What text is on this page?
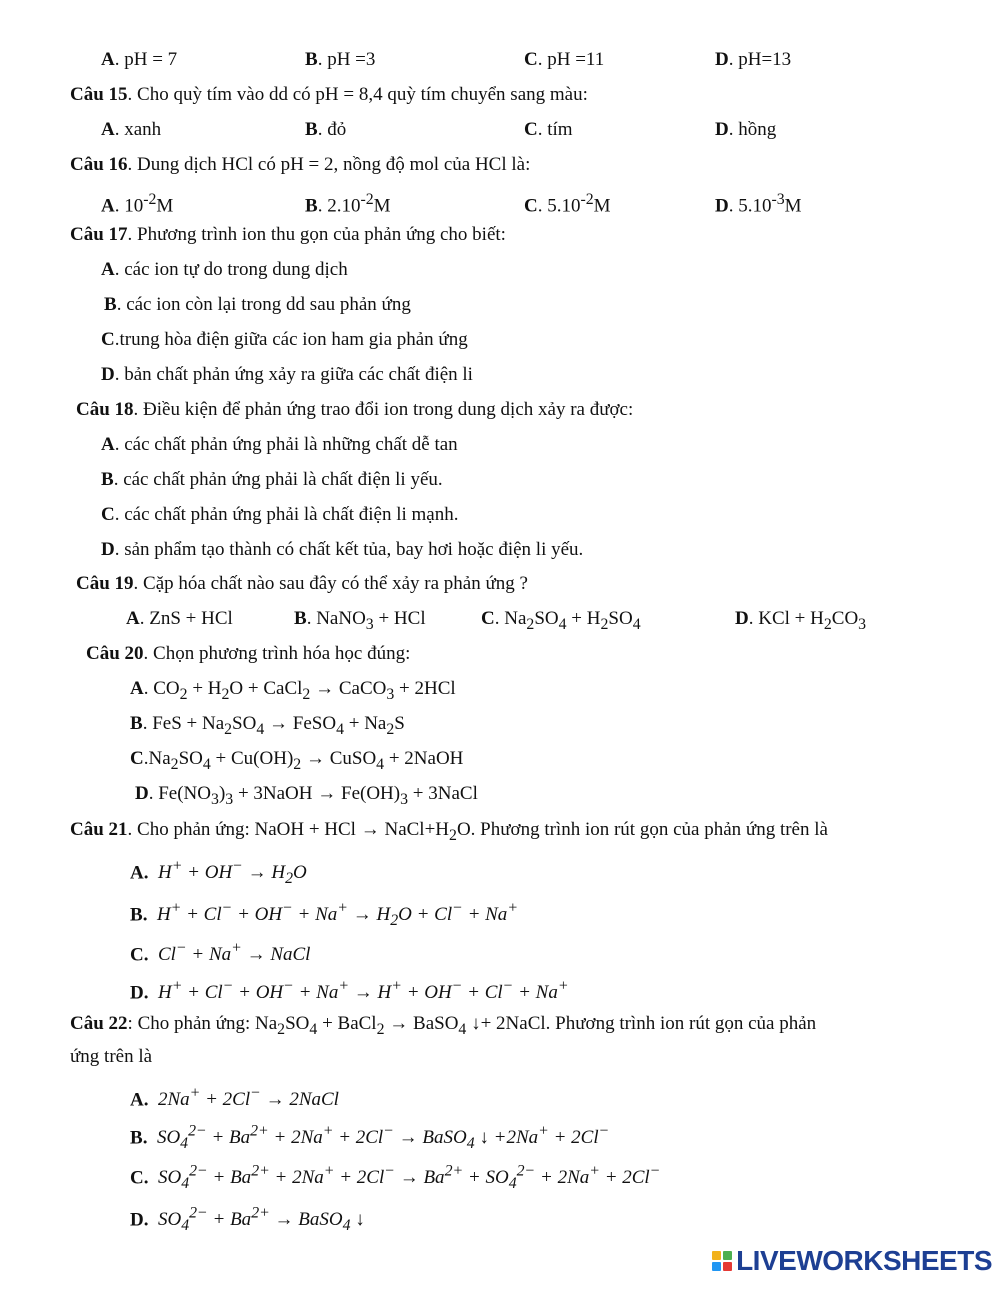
A. pH = 7	B. pH =3	C. pH =11	D. pH=13
Câu 15. Cho quỳ tím vào dd có pH = 8,4 quỳ tím chuyển sang màu:
A. xanh	B. đỏ	C. tím	D. hồng
Câu 16. Dung dịch HCl có pH = 2, nồng độ mol của HCl là:
A. $10^{-2}M$	B. $2.10^{-2}M$	C. $5.10^{-2}M$	D. $5.10^{-3}M$
Câu 17. Phương trình ion thu gọn của phản ứng cho biết:
A. các ion tự do trong dung dịch
B. các ion còn lại trong dd sau phản ứng
C.trung hòa điện giữa các ion ham gia phản ứng
D. bản chất phản ứng xảy ra giữa các chất điện li
Câu 18. Điều kiện để phản ứng trao đổi ion trong dung dịch xảy ra được:
A. các chất phản ứng phải là những chất dễ tan
B. các chất phản ứng phải là chất điện li yếu.
C. các chất phản ứng phải là chất điện li mạnh.
D. sản phẩm tạo thành có chất kết tủa, bay hơi hoặc điện li yếu.
Câu 19. Cặp hóa chất nào sau đây có thể xảy ra phản ứng ?
A. ZnS + HCl	B. NaNO$_3$ + HCl	C. $Na_2SO_4 + H_2SO_4$	D. KCl + $H_2CO_3$
Câu 20. Chọn phương trình hóa học đúng:
A. $CO_2 + H_2O$ + CaCl$_2$ → CaCO$_3$ + 2HCl
B. FeS + $Na_2SO_4$ → FeSO$_4$ + $Na_2S$
$C.Na_2SO_4 + Cu(OH)_2$ → CuSO$_4$ + 2NaOH
D. $Fe(NO_3)_3$ + 3NaOH → $Fe(OH)_3$ + 3NaCl
Câu 21. Cho phản ứng: NaOH + HCl → $NaCl+H_2O$. Phương trình ion rút gọn của phản ứng trên là
A. $H^+ + OH^- \to H_2O$
B. $H^+ + Cl^- + OH^- + Na^+ \to H_2O + Cl^- + Na^+$
C. Cl− + Na+ → NaCl
D. H+ + Cl− + OH− + Na+ → H+ + OH− + Cl− + Na+
Câu 22: Cho phản ứng: $Na_2SO_4$ + BaCl$_2$ → BaSO$_4$ ↓+ 2NaCl. Phương trình ion rút gọn của phản
ứng trên là
A. 2Na+ + 2Cl− → 2NaCl
B. $SO_4^{2-} + Ba^{2+} + 2Na^+ + 2Cl^-$ → BaSO$_4$ ↓ +2Na+ + 2Cl−
C. $SO_4^{2-} + Ba^{2+} + 2Na^+ + 2Cl^- \to Ba^{2+} + SO_4^{2-} + 2Na^+ + 2Cl^-$
D. $SO_4^{2-} + Ba^{2+}$ → BaSO$_4$ ↓
LIVEWORKSHEETS
